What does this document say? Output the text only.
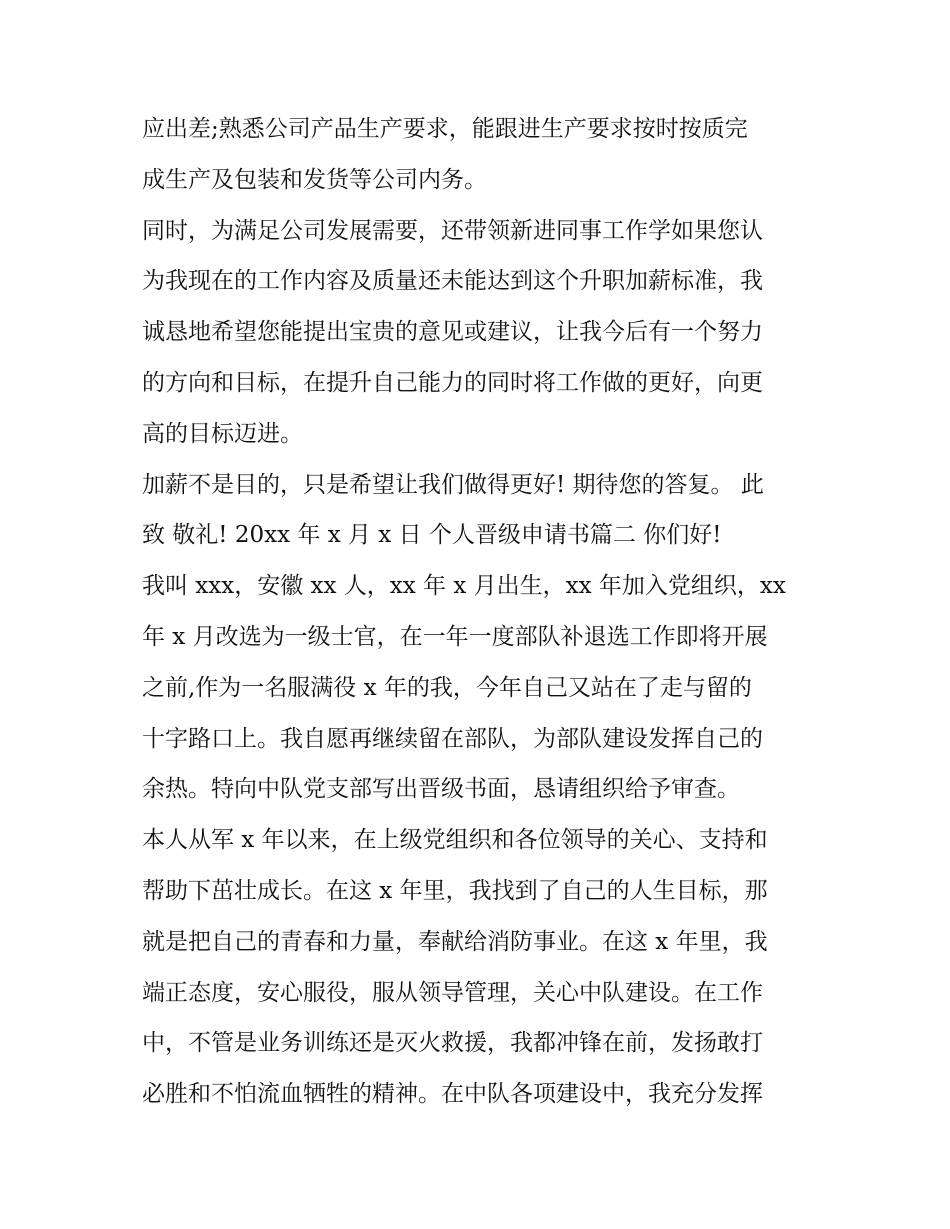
应出差;熟悉公司产品生产要求，能跟进生产要求按时按质完
成生产及包装和发货等公司内务。
同时，为满足公司发展需要，还带领新进同事工作学如果您认
为我现在的工作内容及质量还未能达到这个升职加薪标准，我
诚恳地希望您能提出宝贵的意见或建议，让我今后有一个努力
的方向和目标，在提升自己能力的同时将工作做的更好，向更
高的目标迈进。
加薪不是目的，只是希望让我们做得更好! 期待您的答复。 此
致 敬礼! 20xx 年 x 月 x 日 个人晋级申请书篇二 你们好!
我叫 xxx，安徽 xx 人，xx 年 x 月出生，xx 年加入党组织，xx
年 x 月改选为一级士官，在一年一度部队补退选工作即将开展
之前,作为一名服满役 x 年的我，今年自己又站在了走与留的
十字路口上。我自愿再继续留在部队，为部队建设发挥自己的
余热。特向中队党支部写出晋级书面，恳请组织给予审查。
本人从军 x 年以来，在上级党组织和各位领导的关心、支持和
帮助下茁壮成长。在这 x 年里，我找到了自己的人生目标，那
就是把自己的青春和力量，奉献给消防事业。在这 x 年里，我
端正态度，安心服役，服从领导管理，关心中队建设。在工作
中，不管是业务训练还是灭火救援，我都冲锋在前，发扬敢打
必胜和不怕流血牺牲的精神。在中队各项建设中，我充分发挥
